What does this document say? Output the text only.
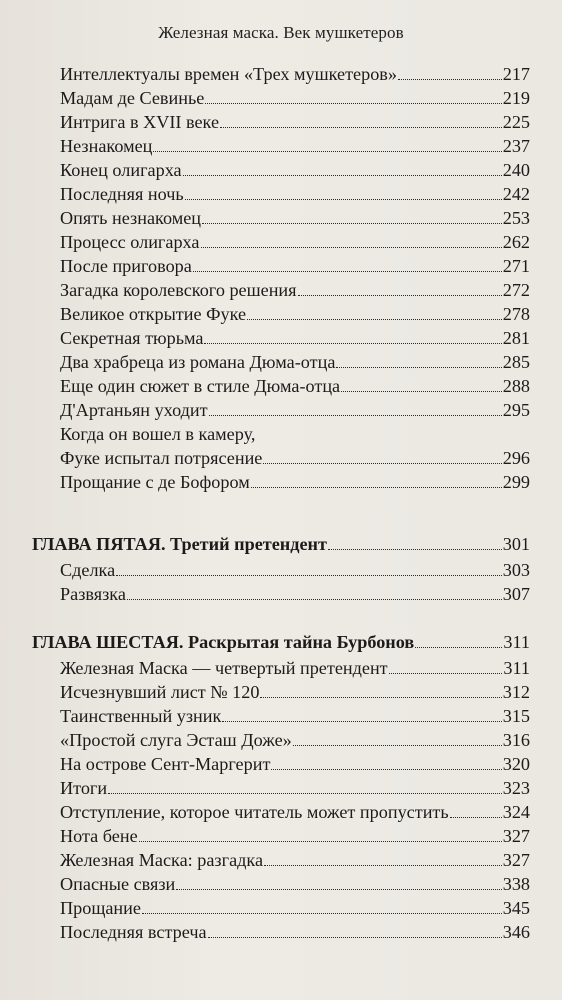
Железная маска. Век мушкетеров
Интеллектуалы времен «Трех мушкетеров»	217
Мадам де Севинье	219
Интрига в XVII веке	225
Незнакомец	237
Конец олигарха	240
Последняя ночь	242
Опять незнакомец	253
Процесс олигарха	262
После приговора	271
Загадка королевского решения	272
Великое открытие Фуке	278
Секретная тюрьма	281
Два храбреца из романа Дюма-отца	285
Еще один сюжет в стиле Дюма-отца	288
Д'Артаньян уходит	295
Когда он вошел в камеру,
Фуке испытал потрясение	296
Прощание с де Бофором	299
ГЛАВА ПЯТАЯ. Третий претендент	301
Сделка	303
Развязка	307
ГЛАВА ШЕСТАЯ. Раскрытая тайна Бурбонов	311
Железная Маска — четвертый претендент	311
Исчезнувший лист № 120	312
Таинственный узник	315
«Простой слуга Эсташ Доже»	316
На острове Сент-Маргерит	320
Итоги	323
Отступление, которое читатель может пропустить	324
Нота бене	327
Железная Маска: разгадка	327
Опасные связи	338
Прощание	345
Последняя встреча	346
